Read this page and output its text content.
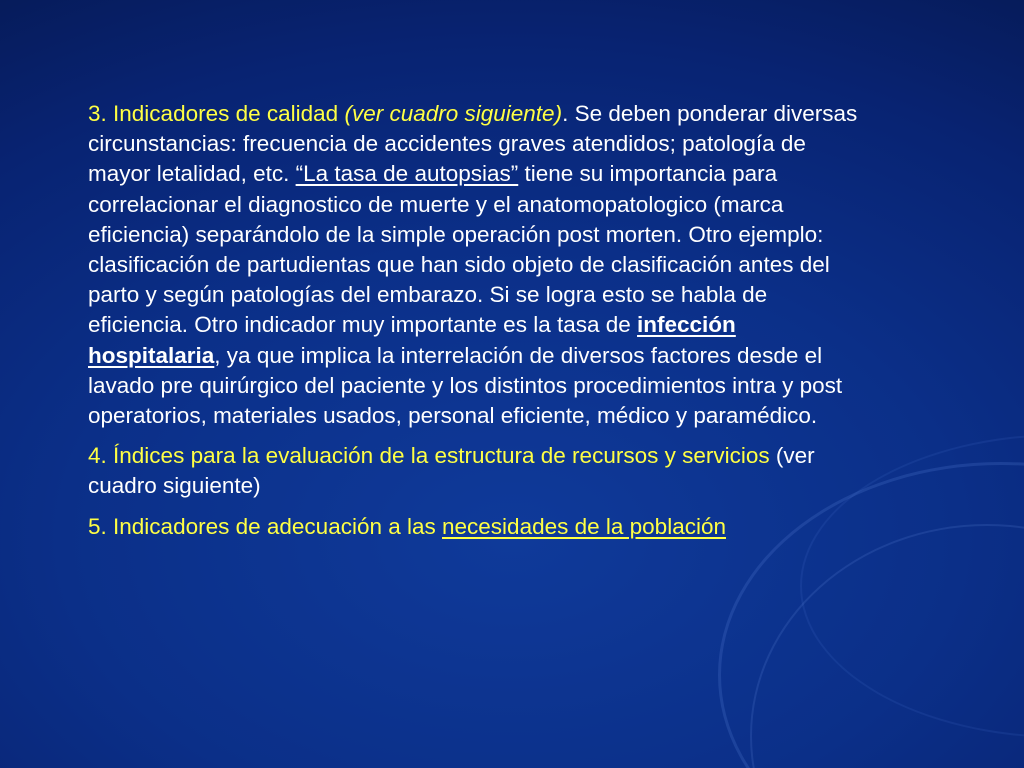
3. Indicadores de calidad (ver cuadro siguiente). Se deben ponderar diversas circunstancias: frecuencia de accidentes graves atendidos; patología de mayor letalidad, etc. “La tasa de autopsias” tiene su importancia para correlacionar el diagnostico de muerte y el anatomopatologico (marca eficiencia) separándolo de la simple operación post morten. Otro ejemplo: clasificación de partudientas que han sido objeto de clasificación antes del parto y según patologías del embarazo. Si se logra esto se habla de eficiencia. Otro indicador muy importante es la tasa de infección hospitalaria, ya que implica la interrelación de diversos factores desde el lavado pre quirúrgico del paciente y los distintos procedimientos intra y post operatorios, materiales usados, personal eficiente, médico y paramédico.

4. Índices para la evaluación de la estructura de recursos y servicios (ver cuadro siguiente)

5. Indicadores de adecuación a las necesidades de la población
